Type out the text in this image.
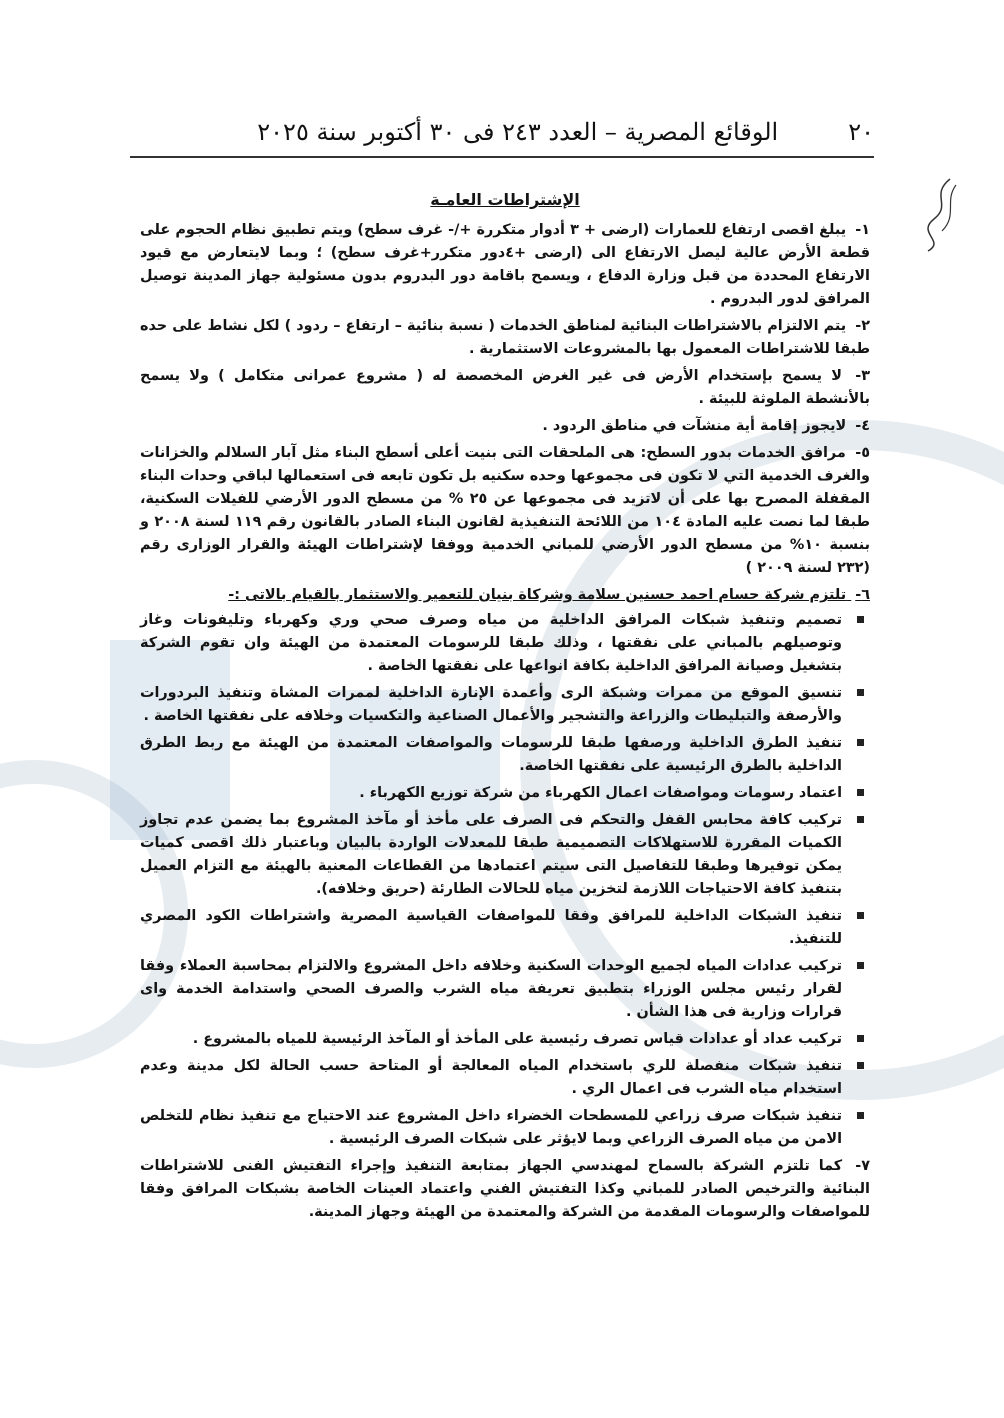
٢٠
الوقائع المصرية – العدد ٢٤٣ فى ٣٠ أكتوبر سنة ٢٠٢٥
الإشتراطات العامـة
١- يبلغ اقصى ارتفاع للعمارات (ارضى + ٣ أدوار متكررة +/- غرف سطح) ويتم تطبيق نظام الحجوم على قطعة الأرض عالية ليصل الارتفاع الى (ارضى +٤دور متكرر+غرف سطح) ؛ وبما لايتعارض مع قيود الارتفاع المحددة من قبل وزارة الدفاع ، ويسمح باقامة دور البدروم بدون مسئولية جهاز المدينة توصيل المرافق لدور البدروم .
٢- يتم الالتزام بالاشتراطات البنائية لمناطق الخدمات ( نسبة بنائية – ارتفاع – ردود ) لكل نشاط على حده طبقا للاشتراطات المعمول بها بالمشروعات الاستثمارية .
٣- لا يسمح بإستخدام الأرض فى غير الغرض المخصصة له ( مشروع عمرانى متكامل ) ولا يسمح بالأنشطة الملوثة للبيئة .
٤- لايجوز إقامة أية منشآت في مناطق الردود .
٥- مرافق الخدمات بدور السطح: هى الملحقات التى بنيت أعلى أسطح البناء مثل آبار السلالم والخزانات والغرف الخدمية التي لا تكون فى مجموعها وحده سكنيه بل تكون تابعه فى استعمالها لباقي وحدات البناء المقفلة المصرح بها على أن لاتزيد فى مجموعها عن ٢٥ % من مسطح الدور الأرضي للفيلات السكنية، طبقا لما نصت عليه المادة ١٠٤ من اللائحة التنفيذية لقانون البناء الصادر بالقانون رقم ١١٩ لسنة ٢٠٠٨ و بنسبة ١٠% من مسطح الدور الأرضي للمباني الخدمية ووفقا لإشتراطات الهيئة والقرار الوزارى رقم (٢٣٢ لسنة ٢٠٠٩ )
٦- تلتزم شركة حسام احمد حسنين سلامة وشركاة بنيان للتعمير والاستثمار بالقيام بالاتى :-
تصميم وتنفيذ شبكات المرافق الداخلية من مياه وصرف صحي وري وكهرباء وتليفونات وغاز وتوصيلهم بالمباني على نفقتها ، وذلك طبقا للرسومات المعتمدة من الهيئة وان تقوم الشركة بتشغيل وصيانة المرافق الداخلية بكافة انواعها على نفقتها الخاصة .
تنسيق الموقع من ممرات وشبكة الرى وأعمدة الإنارة الداخلية لممرات المشاة وتنفيذ البردورات والأرصفة والتبليطات والزراعة والتشجير والأعمال الصناعية والتكسيات وخلافه على نفقتها الخاصة .
تنفيذ الطرق الداخلية ورصفها طبقا للرسومات والمواصفات المعتمدة من الهيئة مع ربط الطرق الداخلية بالطرق الرئيسية على نفقتها الخاصة.
اعتماد رسومات ومواصفات اعمال الكهرباء من شركة توزيع الكهرباء .
تركيب كافة محابس القفل والتحكم فى الصرف على مأخذ أو مآخذ المشروع بما يضمن عدم تجاوز الكميات المقررة للاستهلاكات التصميمية طبقا للمعدلات الواردة بالبيان وباعتبار ذلك اقصى كميات يمكن توفيرها وطبقا للتفاصيل التى سيتم اعتمادها من القطاعات المعنية بالهيئة مع التزام العميل بتنفيذ كافة الاحتياجات اللازمة لتخزين مياه للحالات الطارئة (حريق وخلافه).
تنفيذ الشبكات الداخلية للمرافق وفقا للمواصفات القياسية المصرية واشتراطات الكود المصري للتنفيذ.
تركيب عدادات المياه لجميع الوحدات السكنية وخلافه داخل المشروع والالتزام بمحاسبة العملاء وفقا لقرار رئيس مجلس الوزراء بتطبيق تعريفة مياه الشرب والصرف الصحي واستدامة الخدمة واى قرارات وزارية فى هذا الشأن .
تركيب عداد أو عدادات قياس تصرف رئيسية على المأخذ أو المآخذ الرئيسية للمياه بالمشروع .
تنفيذ شبكات منفصلة للري باستخدام المياه المعالجة أو المتاحة حسب الحالة لكل مدينة وعدم استخدام مياه الشرب فى اعمال الري .
تنفيذ شبكات صرف زراعي للمسطحات الخضراء داخل المشروع عند الاحتياج مع تنفيذ نظام للتخلص الامن من مياه الصرف الزراعي وبما لايؤثر على شبكات الصرف الرئيسية .
٧- كما تلتزم الشركة بالسماح لمهندسي الجهاز بمتابعة التنفيذ وإجراء التفتيش الفنى للاشتراطات البنائية والترخيص الصادر للمباني وكذا التفتيش الفني واعتماد العينات الخاصة بشبكات المرافق وفقا للمواصفات والرسومات المقدمة من الشركة والمعتمدة من الهيئة وجهاز المدينة.
